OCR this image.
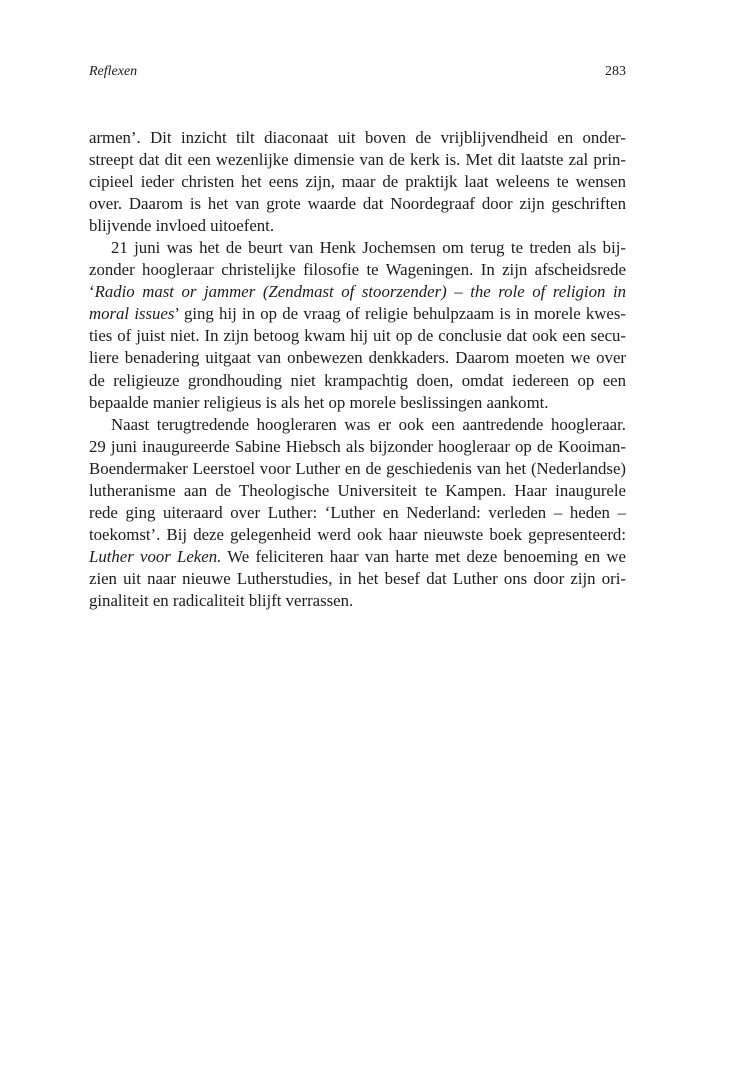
Reflexen	283
armen’. Dit inzicht tilt diaconaat uit boven de vrijblijvendheid en onder-
streept dat dit een wezenlijke dimensie van de kerk is. Met dit laatste zal prin-
cipieel ieder christen het eens zijn, maar de praktijk laat weleens te wensen
over. Daarom is het van grote waarde dat Noordegraaf door zijn geschriften
blijvende invloed uitoefent.
21 juni was het de beurt van Henk Jochemsen om terug te treden als bij-
zonder hoogleraar christelijke filosofie te Wageningen. In zijn afscheidsrede
‘Radio mast or jammer (Zendmast of stoorzender) – the role of religion in
moral issues’ ging hij in op de vraag of religie behulpzaam is in morele kwes-
ties of juist niet. In zijn betoog kwam hij uit op de conclusie dat ook een secu-
liere benadering uitgaat van onbewezen denkkaders. Daarom moeten we over
de religieuze grondhouding niet krampachtig doen, omdat iedereen op een
bepaalde manier religieus is als het op morele beslissingen aankomt.
Naast terugtredende hoogleraren was er ook een aantredende hoogleraar.
29 juni inaugureerde Sabine Hiebsch als bijzonder hoogleraar op de Kooiman-
Boendermaker Leerstoel voor Luther en de geschiedenis van het (Nederlandse)
lutheranisme aan de Theologische Universiteit te Kampen. Haar inaugurele
rede ging uiteraard over Luther: ‘Luther en Nederland: verleden – heden –
toekomst’. Bij deze gelegenheid werd ook haar nieuwste boek gepresenteerd:
Luther voor Leken. We feliciteren haar van harte met deze benoeming en we
zien uit naar nieuwe Lutherstudies, in het besef dat Luther ons door zijn ori-
ginaliteit en radicaliteit blijft verrassen.
